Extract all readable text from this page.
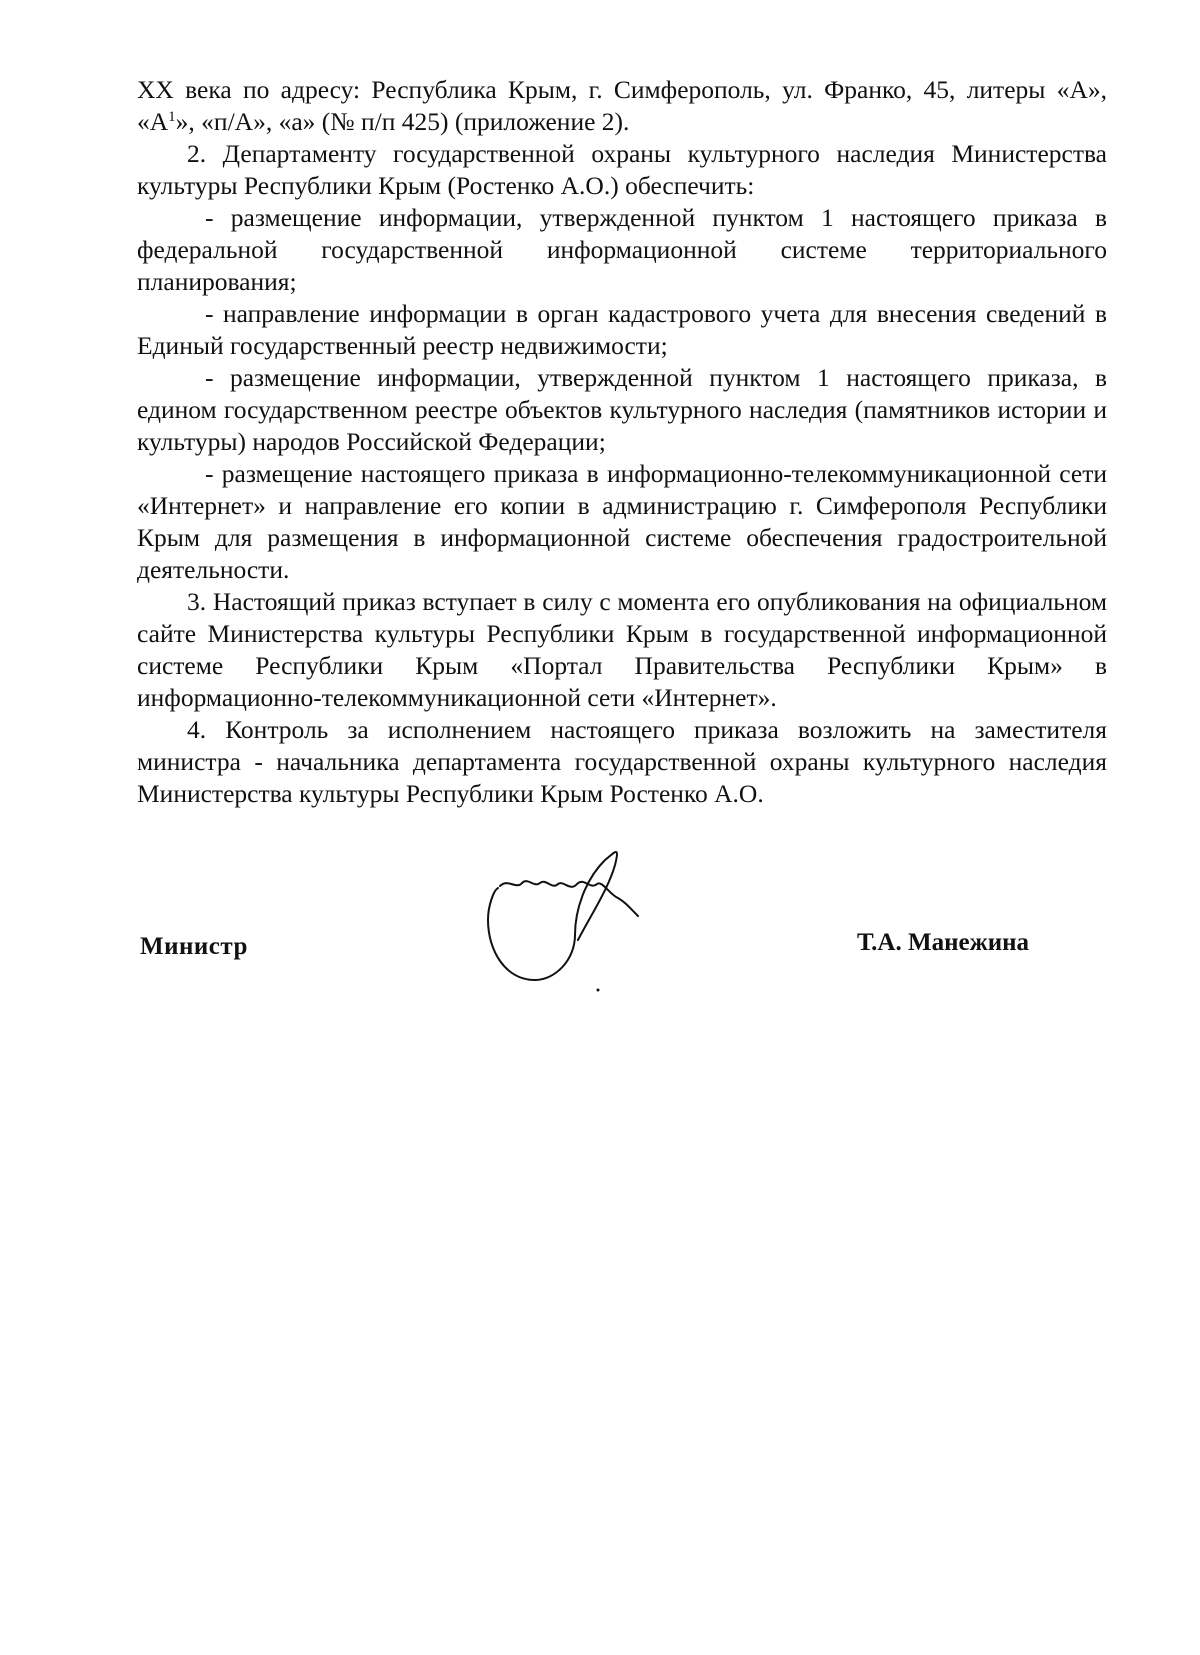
XX века по адресу: Республика Крым, г. Симферополь, ул. Франко, 45, литеры «А», «$А^1$», «п/А», «а» (№ п/п 425) (приложение 2).

2. Департаменту государственной охраны культурного наследия Министерства культуры Республики Крым (Ростенко А.О.) обеспечить:

- размещение информации, утвержденной пунктом 1 настоящего приказа в федеральной государственной информационной системе территориального планирования;

- направление информации в орган кадастрового учета для внесения сведений в Единый государственный реестр недвижимости;

- размещение информации, утвержденной пунктом 1 настоящего приказа, в едином государственном реестре объектов культурного наследия (памятников истории и культуры) народов Российской Федерации;

- размещение настоящего приказа в информационно-телекоммуникационной сети «Интернет» и направление его копии в администрацию г. Симферополя Республики Крым для размещения в информационной системе обеспечения градостроительной деятельности.

3. Настоящий приказ вступает в силу с момента его опубликования на официальном сайте Министерства культуры Республики Крым в государственной информационной системе Республики Крым «Портал Правительства Республики Крым» в информационно-телекоммуникационной сети «Интернет».

4. Контроль за исполнением настоящего приказа возложить на заместителя министра - начальника департамента государственной охраны культурного наследия Министерства культуры Республики Крым Ростенко А.О.

Министр	Т.А. Манежина
